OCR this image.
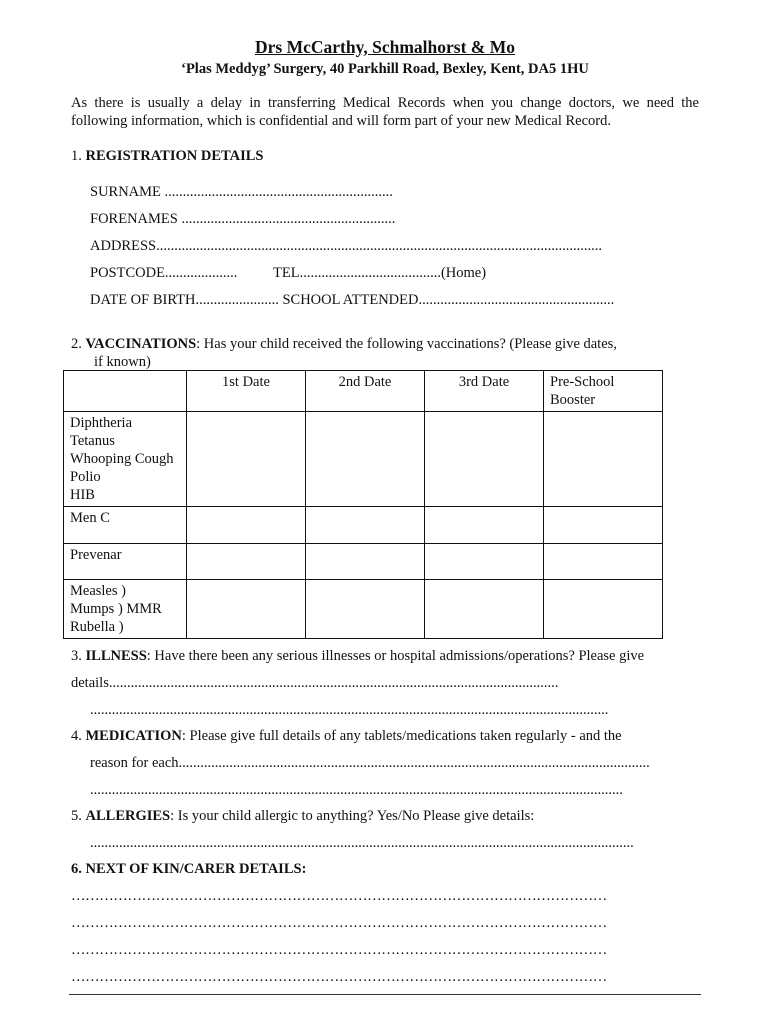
Drs McCarthy, Schmalhorst & Mo
‘Plas Meddyg’ Surgery, 40 Parkhill Road, Bexley, Kent, DA5 1HU
As there is usually a delay in transferring Medical Records when you change doctors, we need the following information, which is confidential and will form part of your new Medical Record.
1. REGISTRATION DETAILS
SURNAME ...............................................................
FORENAMES ...........................................................
ADDRESS...........................................................................................................................
POSTCODE.................... TEL.......................................(Home)
DATE OF BIRTH....................... SCHOOL ATTENDED......................................................
2. VACCINATIONS: Has your child received the following vaccinations? (Please give dates,
if known)
	1st Date	2nd Date	3rd Date	Pre-School Booster

Diphtheria
Tetanus
Whooping Cough
Polio
HIB				

Men C				

Prevenar				

Measles )
Mumps ) MMR
Rubella )				

3. ILLNESS: Have there been any serious illnesses or hospital admissions/operations? Please give
details............................................................................................................................
...............................................................................................................................................
4. MEDICATION: Please give full details of any tablets/medications taken regularly - and the
reason for each..................................................................................................................................
...................................................................................................................................................
5. ALLERGIES: Is your child allergic to anything? Yes/No Please give details:
......................................................................................................................................................
6. NEXT OF KIN/CARER DETAILS:
……………………………………………………………………………………………………
……………………………………………………………………………………………………
……………………………………………………………………………………………………
……………………………………………………………………………………………………
